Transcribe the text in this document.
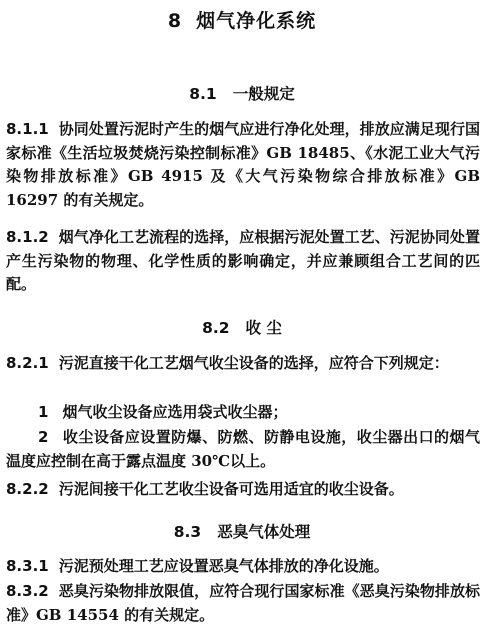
8 烟气净化系统
8.1 一般规定
8.1.1 协同处置污泥时产生的烟气应进行净化处理，排放应满足现行国家标准《生活垃圾焚烧污染控制标准》GB 18485、《水泥工业大气污染物排放标准》GB 4915 及《大气污染物综合排放标准》GB 16297 的有关规定。
8.1.2 烟气净化工艺流程的选择，应根据污泥处置工艺、污泥协同处置产生污染物的物理、化学性质的影响确定，并应兼顾组合工艺间的匹配。
8.2 收 尘
8.2.1 污泥直接干化工艺烟气收尘设备的选择，应符合下列规定：
1 烟气收尘设备应选用袋式收尘器；
2 收尘设备应设置防爆、防燃、防静电设施，收尘器出口的烟气温度应控制在高于露点温度 30℃以上。
8.2.2 污泥间接干化工艺收尘设备可选用适宜的收尘设备。
8.3 恶臭气体处理
8.3.1 污泥预处理工艺应设置恶臭气体排放的净化设施。
8.3.2 恶臭污染物排放限值，应符合现行国家标准《恶臭污染物排放标准》GB 14554 的有关规定。
